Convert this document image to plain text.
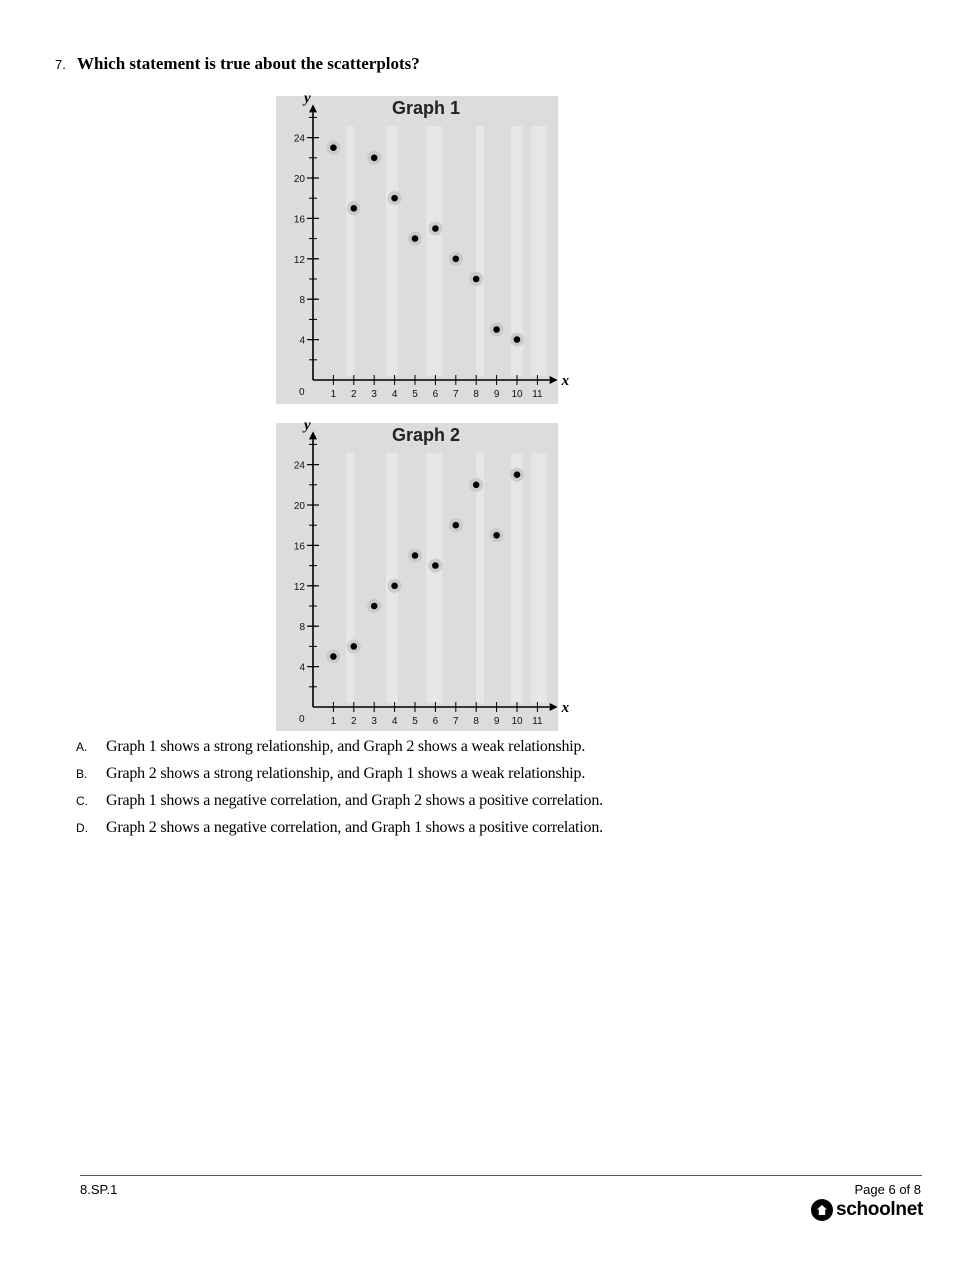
7. Which statement is true about the scatterplots?
Graph 1
x
y
1 2 3 4 5 6 7 8 9 10 11
0
4
8
12
16
20
24
Graph 2
x
y
1 2 3 4 5 6 7 8 9 10 11
0
4
8
12
16
20
24
A.	Graph 1 shows a strong relationship, and Graph 2 shows a weak relationship.
B.	Graph 2 shows a strong relationship, and Graph 1 shows a weak relationship.
C.	Graph 1 shows a negative correlation, and Graph 2 shows a positive correlation.
D.	Graph 2 shows a negative correlation, and Graph 1 shows a positive correlation.
8.SP.1	Page 6 of 8
schoolnet
